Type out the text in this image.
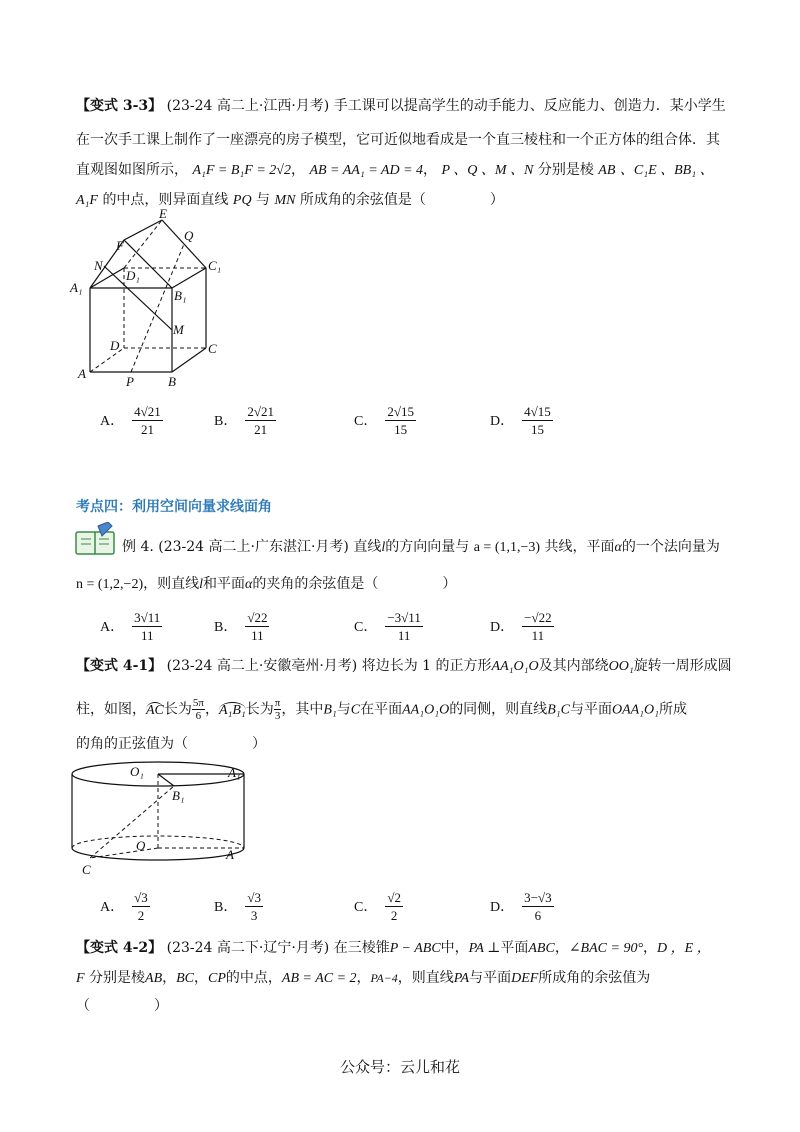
【变式 3-3】 (23-24 高二上·江西·月考) 手工课可以提高学生的动手能力、反应能力、创造力．某小学生
在一次手工课上制作了一座漂亮的房子模型，它可近似地看成是一个直三棱柱和一个正方体的组合体．其
直观图如图所示， A₁F = B₁F = 2√2， AB = AA₁ = AD = 4， P 、Q 、M 、N 分别是棱 AB 、C₁E 、BB₁ 、
A₁F 的中点，则异面直线 PQ 与 MN 所成角的余弦值是（	）
E
Q
F
N
D₁
C₁
A₁
B₁
M
D	C
A
P	B
A． $\frac{4√21}{21}$	B． $\frac{2√21}{21}$	C． $\frac{2√15}{15}$	D． $\frac{4√15}{15}$
考点四：利用空间向量求线面角
例 4. (23-24 高二上·广东湛江·月考) 直线l的方向向量与 a = (1,1,−3) 共线，平面α的一个法向量为
n = (1,2,−2)，则直线l和平面α的夹角的余弦值是（	）
A． $\frac{3√11}{11}$	B． $\frac{√22}{11}$	C． $\frac{-3√11}{11}$	D． $\frac{-√22}{11}$
【变式 4-1】 (23-24 高二上·安徽亳州·月考) 将边长为 1 的正方形AA₁O₁O及其内部绕OO₁旋转一周形成圆
柱，如图，AC长为 $\frac{5\pi}{6}$ ，A₁B₁长为 $\frac{\pi}{3}$ ，其中B₁与C在平面AA₁O₁O的同侧，则直线B₁C与平面OAA₁O₁所成
的角的正弦值为（	）
O₁	A₁
B₁
O
A
C
A． $\frac{√3}{2}$	B． $\frac{√3}{3}$	C． $\frac{√2}{2}$	D． $\frac{3-√3}{6}$
【变式 4-2】 (23-24 高二下·辽宁·月考) 在三棱锥P − ABC中，PA ⊥平面ABC，∠BAC = 90°，D ，E ，
F 分别是棱AB，BC，CP的中点，AB = AC = 2，PA−4，则直线PA与平面DEF所成角的余弦值为
（	）
公众号：云儿和花
